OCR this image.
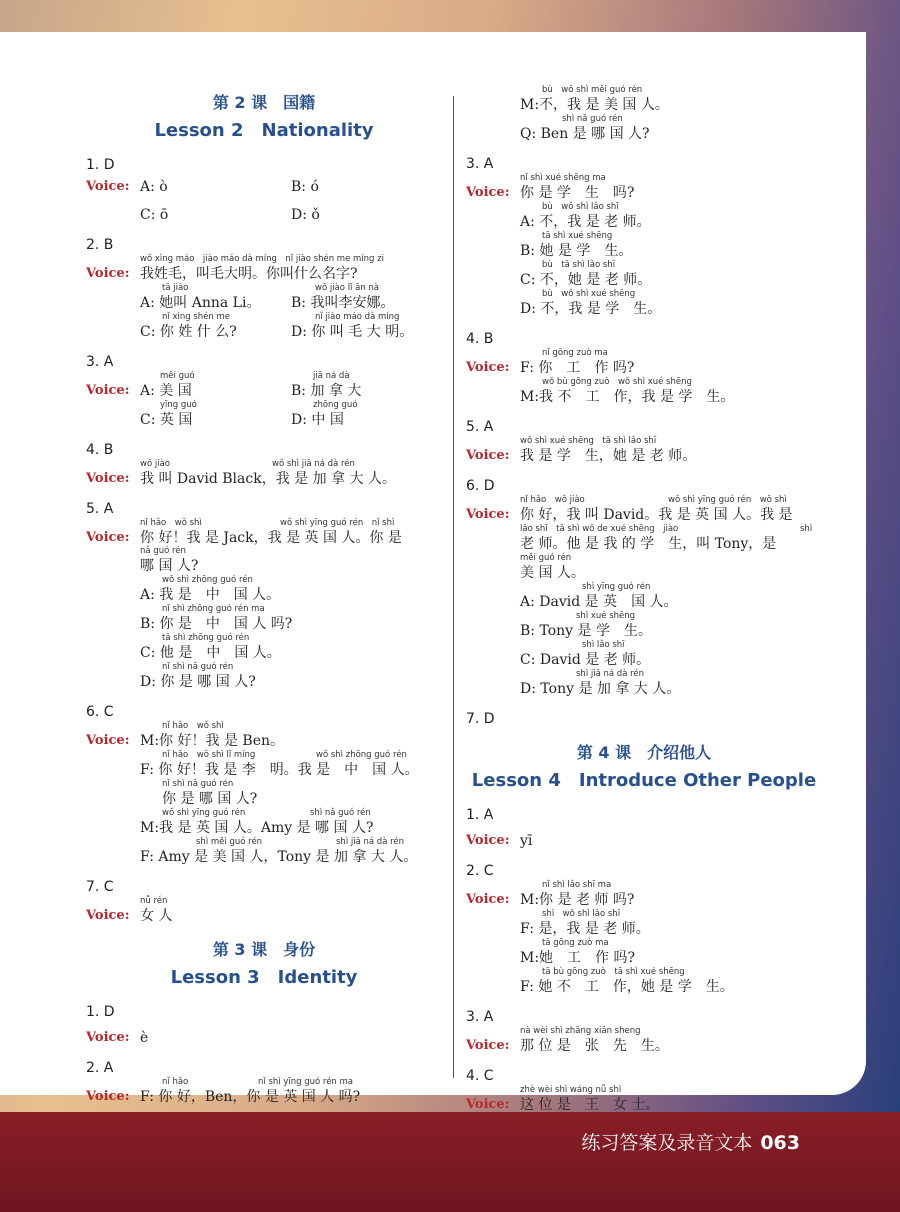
练习答案及录音文本 063
第 2 课　国籍
Lesson 2　Nationality
1. D
Voice: A: ò	B: ó
C: ō	D: ǒ
2. B
Voice:
wǒ xìng máo　jiào máo dà míng　nǐ jiào shén me míng zi
我姓毛，叫毛大明。你叫什么名字?
tā jiào
A: 她叫 Anna Li。
wǒ jiào lǐ ān nà
B: 我叫李安娜。
nǐ xìng shén me
C: 你 姓 什 么?
nǐ jiào máo dà míng
D: 你 叫 毛 大 明。
3. A
Voice:
měi guó
A: 美 国
jiā ná dà
B: 加 拿 大
yīng guó
C: 英 国
zhōng guó
D: 中 国
4. B
Voice:
wǒ jiào	wǒ shì jiā ná dà rén
我 叫 David Black，我 是 加 拿 大 人。
5. A
Voice:
nǐ hǎo　wǒ shì	wǒ shì yīng guó rén　nǐ shì
你 好！我 是 Jack，我 是 英 国 人。你 是
nǎ guó rén
哪 国 人?
wǒ shì zhōng guó rén
A: 我 是　中　国 人。
nǐ shì zhōng guó rén ma
B: 你 是　中　国 人 吗?
tā shì zhōng guó rén
C: 他 是　中　国 人。
nǐ shì nǎ guó rén
D: 你 是 哪 国 人?
6. C
Voice:
nǐ hǎo　wǒ shì
M:你 好！我 是 Ben。
nǐ hǎo　wǒ shì lǐ míng	wǒ shì zhōng guó rén
F: 你 好！我 是 李　明。我 是　中　国 人。
nǐ shì nǎ guó rén
你 是 哪 国 人?
wǒ shì yīng guó rén	shì nǎ guó rén
M:我 是 英 国 人。Amy 是 哪 国 人?
shì měi guó rén	shì jiā ná dà rén
F: Amy 是 美 国 人，Tony 是 加 拿 大 人。
7. C
Voice:
nǚ rén
女 人
第 3 课　身份
Lesson 3　Identity
1. D
Voice: è
2. A
Voice:
nǐ hǎo	nǐ shì yīng guó rén ma
F: 你 好，Ben，你 是 英 国 人 吗?
bù　wǒ shì měi guó rén
M:不，我 是 美 国 人。
shì nǎ guó rén
Q: Ben 是 哪 国 人?
3. A
Voice:
nǐ shì xué shēng ma
你 是 学　生　吗?
bù　wǒ shì lǎo shī
A: 不，我 是 老 师。
tā shì xué shēng
B: 她 是 学　生。
bù　tā shì lǎo shī
C: 不，她 是 老 师。
bù　wǒ shì xué shēng
D: 不，我 是 学　生。
4. B
Voice:
nǐ gōng zuò ma
F: 你　工　作 吗?
wǒ bù gōng zuò　wǒ shì xué shēng
M:我 不　工　作，我 是 学　生。
5. A
Voice:
wǒ shì xué shēng　tā shì lǎo shī
我 是 学　生，她 是 老 师。
6. D
Voice:
nǐ hǎo　wǒ jiào	wǒ shì yīng guó rén　wǒ shì
你 好，我 叫 David。我 是 英 国 人。我 是
lǎo shī　tā shì wǒ de xué shēng　jiào	shì
老 师。他 是 我 的 学　生，叫 Tony，是
měi guó rén
美 国 人。
shì yīng guó rén
A: David 是 英　国 人。
shì xué shēng
B: Tony 是 学　生。
shì lǎo shī
C: David 是 老 师。
shì jiā ná dà rén
D: Tony 是 加 拿 大 人。
7. D
第 4 课　介绍他人
Lesson 4　Introduce Other People
1. A
Voice: yī
2. C
Voice:
nǐ shì lǎo shī ma
M:你 是 老 师 吗?
shì　wǒ shì lǎo shī
F: 是，我 是 老 师。
tā gōng zuò ma
M:她　工　作 吗?
tā bù gōng zuò　tā shì xué shēng
F: 她 不　工　作，她 是 学　生。
3. A
Voice:
nà wèi shì zhāng xiān sheng
那 位 是　张　先　生。
4. C
Voice:
zhè wèi shì wáng nǚ shì
这 位 是　王　女 士。
